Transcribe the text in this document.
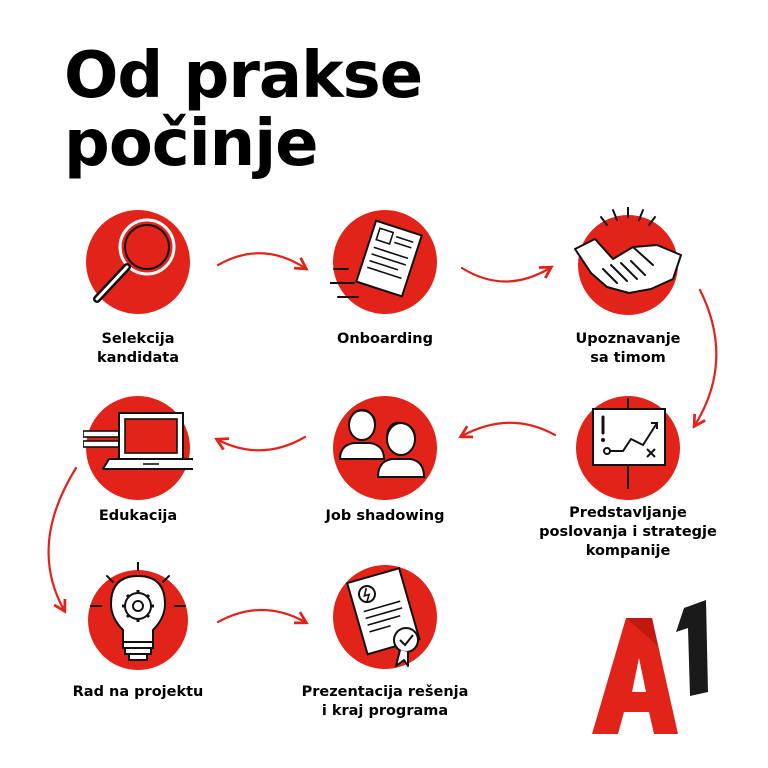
Od prakse
počinje
Selekcija
kandidata
Onboarding	Upoznavanje
sa timom
Predstavljanje
poslovanja i strategje
kompanije
Job shadowing
Edukacija
Rad na projektu	Prezentacija rešenja
i kraj programa
